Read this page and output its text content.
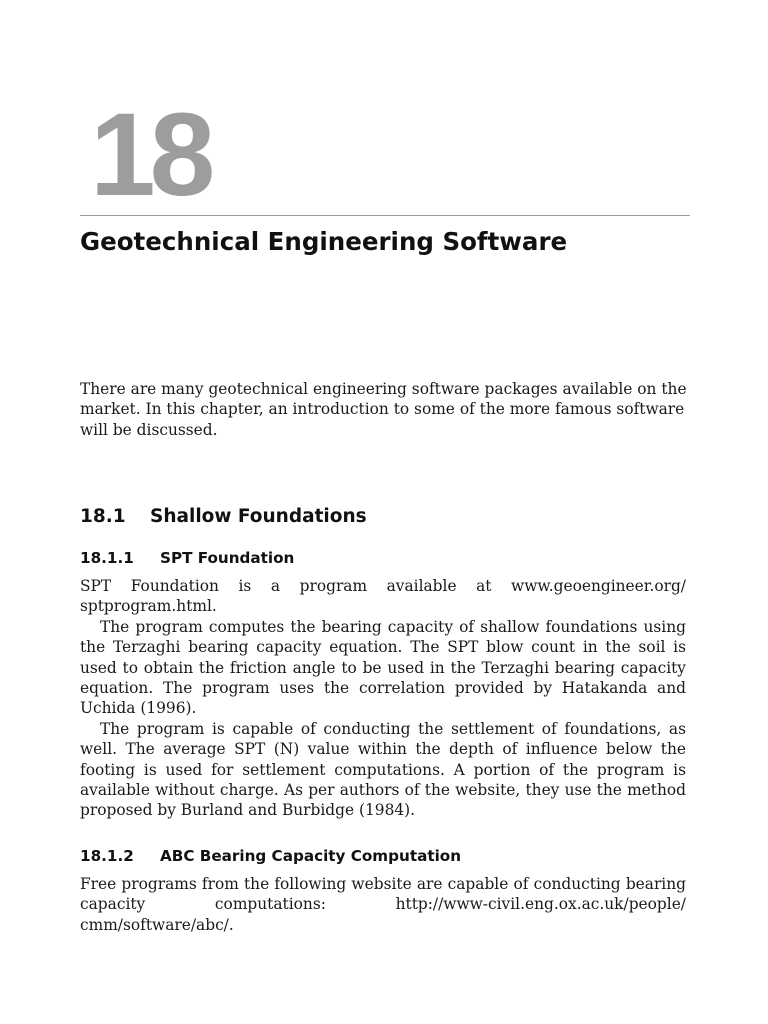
18
Geotechnical Engineering Software

There are many geotechnical engineering software packages available on the market. In this chapter, an introduction to some of the more famous software will be discussed.

18.1 Shallow Foundations
18.1.1 SPT Foundation

SPT Foundation is a program available at www.geoengineer.org/ sptprogram.html.

The program computes the bearing capacity of shallow foundations using the Terzaghi bearing capacity equation. The SPT blow count in the soil is used to obtain the friction angle to be used in the Terzaghi bearing capacity equation. The program uses the correlation provided by Hatakanda and Uchida (1996).

The program is capable of conducting the settlement of foundations, as well. The average SPT (N) value within the depth of influence below the footing is used for settlement computations. A portion of the program is available without charge. As per authors of the website, they use the method proposed by Burland and Burbidge (1984).

18.1.2 ABC Bearing Capacity Computation

Free programs from the following website are capable of conducting bearing capacity computations: http://www-civil.eng.ox.ac.uk/people/ cmm/software/abc/.
